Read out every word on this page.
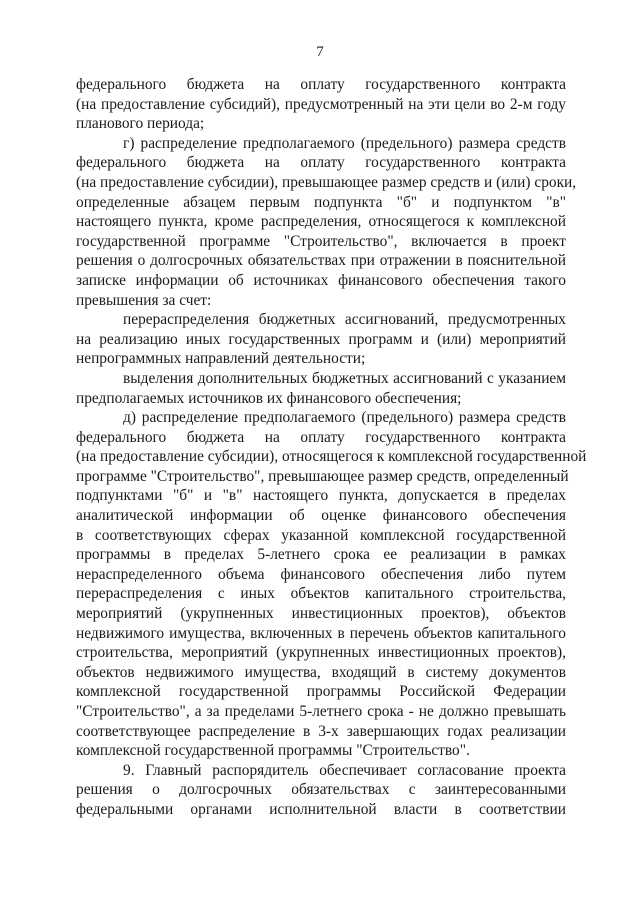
7
федерального бюджета на оплату государственного контракта
(на предоставление субсидий), предусмотренный на эти цели во 2-м году
планового периода;
г) распределение предполагаемого (предельного) размера средств
федерального бюджета на оплату государственного контракта
(на предоставление субсидии), превышающее размер средств и (или) сроки,
определенные абзацем первым подпункта "б" и подпунктом "в"
настоящего пункта, кроме распределения, относящегося к комплексной
государственной программе "Строительство", включается в проект
решения о долгосрочных обязательствах при отражении в пояснительной
записке информации об источниках финансового обеспечения такого
превышения за счет:
перераспределения бюджетных ассигнований, предусмотренных
на реализацию иных государственных программ и (или) мероприятий
непрограммных направлений деятельности;
выделения дополнительных бюджетных ассигнований с указанием
предполагаемых источников их финансового обеспечения;
д) распределение предполагаемого (предельного) размера средств
федерального бюджета на оплату государственного контракта
(на предоставление субсидии), относящегося к комплексной государственной
программе "Строительство", превышающее размер средств, определенный
подпунктами "б" и "в" настоящего пункта, допускается в пределах
аналитической информации об оценке финансового обеспечения
в соответствующих сферах указанной комплексной государственной
программы в пределах 5-летнего срока ее реализации в рамках
нераспределенного объема финансового обеспечения либо путем
перераспределения с иных объектов капитального строительства,
мероприятий (укрупненных инвестиционных проектов), объектов
недвижимого имущества, включенных в перечень объектов капитального
строительства, мероприятий (укрупненных инвестиционных проектов),
объектов недвижимого имущества, входящий в систему документов
комплексной государственной программы Российской Федерации
"Строительство", а за пределами 5-летнего срока - не должно превышать
соответствующее распределение в 3-х завершающих годах реализации
комплексной государственной программы "Строительство".
9. Главный распорядитель обеспечивает согласование проекта
решения о долгосрочных обязательствах с заинтересованными
федеральными органами исполнительной власти в соответствии
